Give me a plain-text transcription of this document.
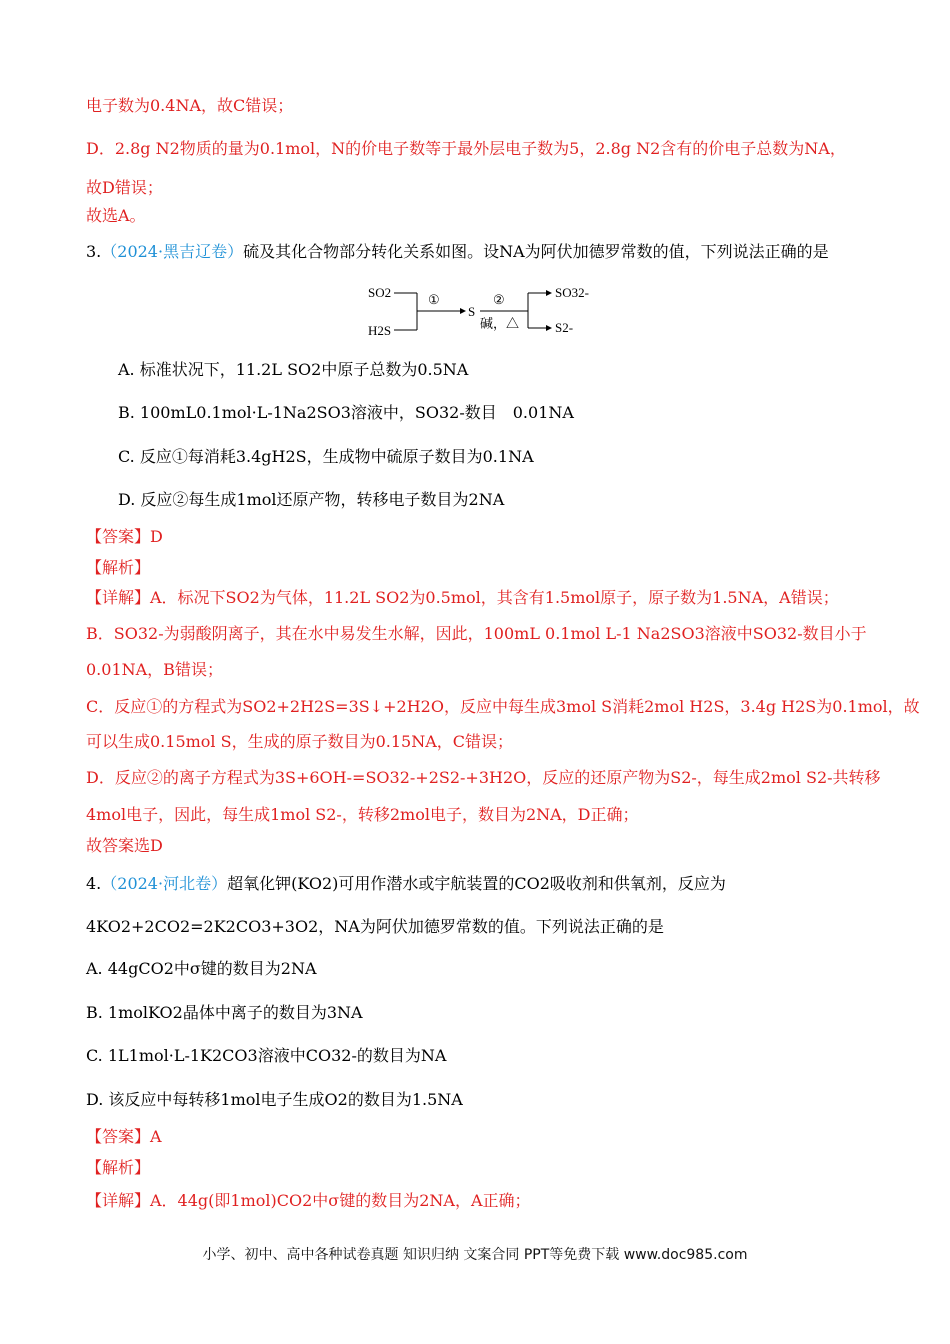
电子数为0.4NA，故C错误；
D．2.8g N2物质的量为0.1mol，N的价电子数等于最外层电子数为5，2.8g N2含有的价电子总数为NA，
故D错误；
故选A。
3.（2024·黑吉辽卷）硫及其化合物部分转化关系如图。设NA为阿伏加德罗常数的值，下列说法正确的是
SO2
H2S
①
S
②
碱，△
SO32-
S2-
A. 标准状况下，11.2L SO2中原子总数为0.5NA
B. 100mL0.1mol·L-1Na2SO3溶液中，SO32-数目　0.01NA
C. 反应①每消耗3.4gH2S，生成物中硫原子数目为0.1NA
D. 反应②每生成1mol还原产物，转移电子数目为2NA
【答案】D
【解析】
【详解】A．标况下SO2为气体，11.2L SO2为0.5mol，其含有1.5mol原子，原子数为1.5NA，A错误；
B．SO32-为弱酸阴离子，其在水中易发生水解，因此，100mL 0.1mol L-1 Na2SO3溶液中SO32-数目小于
0.01NA，B错误；
C．反应①的方程式为SO2+2H2S=3S↓+2H2O，反应中每生成3mol S消耗2mol H2S，3.4g H2S为0.1mol，故
可以生成0.15mol S，生成的原子数目为0.15NA，C错误；
D．反应②的离子方程式为3S+6OH-=SO32-+2S2-+3H2O，反应的还原产物为S2-，每生成2mol S2-共转移
4mol电子，因此，每生成1mol S2-，转移2mol电子，数目为2NA，D正确；
故答案选D
4.（2024·河北卷）超氧化钾(KO2)可用作潜水或宇航装置的CO2吸收剂和供氧剂，反应为
4KO2+2CO2=2K2CO3+3O2，NA为阿伏加德罗常数的值。下列说法正确的是
A. 44gCO2中σ键的数目为2NA
B. 1molKO2晶体中离子的数目为3NA
C. 1L1mol·L-1K2CO3溶液中CO32-的数目为NA
D. 该反应中每转移1mol电子生成O2的数目为1.5NA
【答案】A
【解析】
【详解】A．44g(即1mol)CO2中σ键的数目为2NA，A正确；
小学、初中、高中各种试卷真题 知识归纳 文案合同 PPT等免费下载 www.doc985.com
